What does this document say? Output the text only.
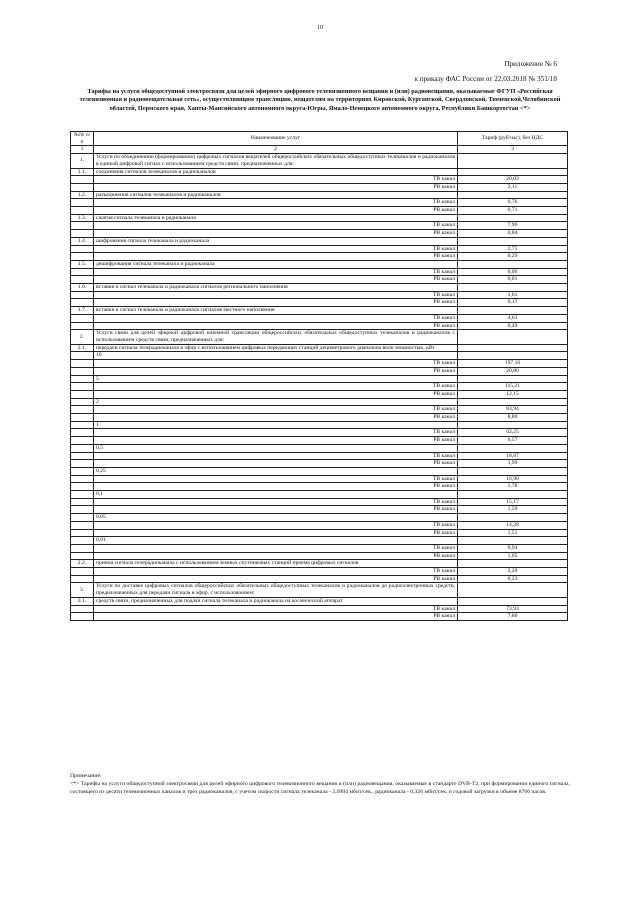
10
Приложение № 6
к приказу ФАС России от 22.03.2018 № 351/18
Тарифы на услуги общедоступной электросвязи для целей эфирного цифрового телевизионного вещания и (или) радиовещания, оказываемые ФГУП «Российская телевизионная и радиовещательная сеть», осуществляющим трансляцию, вещателям на территориях Кировской, Курганской, Свердловской, Тюменской,Челябинской областей, Пермского края, Ханты-Мансийского автономного округа-Югры, Ямало-Ненецкого автономного округа, Республики Башкортостан <*>
№№ п/п	Наименование услуг	Тариф (руб/час), без НДС
1	2	3
1.	Услуги по объединению (формированию) цифровых сигналов вещателей общероссийских обязательных общедоступных телеканалов и радиоканалов в единый цифровой сигнал с использованием средств связи, предназначенных для:	
1.1.	соединения сигналов телеканалов и радиоканалов	
	ТВ канал	20,03
	РВ канал	2,11
1.2.	разъединения сигналов телеканалов и радиоканалов	
	ТВ канал	6,76
	РВ канал	0,71
1.3.	сжатия сигнала телеканала и радиоканала	
	ТВ канал	7,96
	РВ канал	0,84
1.4.	шифрования сигнала телеканала и радиоканала	
	ТВ канал	2,75
	РВ канал	0,29
1.5.	дешифрования сигнала телеканала и радиоканала	
	ТВ канал	0,06
	РВ канал	0,01
1.6.	вставки в сигнал телеканала и радиоканала сигналов регионального наполнения	
	ТВ канал	1,61
	РВ канал	0,17
1.7.	вставки в сигнал телеканала и радиоканала сигналов местного наполнения	
	ТВ канал	4,63
	РВ канал	0,49
2.	Услуги связи для целей эфирной цифровой наземной трансляции общероссийских обязательных общедоступных телеканалов и радиоканалов с использованием средств связи, предназначенных для:	
2.1.	передачи сигнала телерадиоканала в эфир с использованием цифровых передающих станций дециметрового диапазона волн мощностью, кВт	
	10	
	ТВ канал	197,16
	РВ канал	20,80
	5	
	ТВ канал	115,21
	РВ канал	12,15
	2	
	ТВ канал	83,94
	РВ канал	8,86
	1	
	ТВ канал	62,25
	РВ канал	6,57
	0,5	
	ТВ канал	18,87
	РВ канал	1,99
	0,25	
	ТВ канал	16,90
	РВ канал	1,78
	0,1	
	ТВ канал	15,17
	РВ канал	1,59
	0,05	
	ТВ канал	14,28
	РВ канал	1,51
	0,01	
	ТВ канал	9,94
	РВ канал	1,05
2.2.	приема сигнала телерадиоканала с использованием земных спутниковых станций приема цифровых сигналов	
	ТВ канал	2,20
	РВ канал	0,23
3.	Услуги по доставке цифровых сигналов общероссийских обязательных общедоступных телеканалов и радиоканалов до радиоэлектронных средств, предназначенных для передачи сигнала в эфир, с использованием:	
3.1.	средств связи, предназначенных для подачи сигнала телеканала и радиоканала на космический аппарат	
	ТВ канал	73,93
	РВ канал	7,80
Примечание:
<*> Тарифы на услуги общедоступной электросвязи для целей эфирного цифрового телевизионного вещания и (или) радиовещания, оказываемые в стандарте DVB-T2, при формировании единого сигнала, состоящего из десяти телевизионных каналов и трех радиоканалов, с учетом скорости сигнала телеканала - 3,0904 мбит/сек., радиоканала - 0,326 мбит/сек. и годовой загрузки в объеме 8766 часов.
